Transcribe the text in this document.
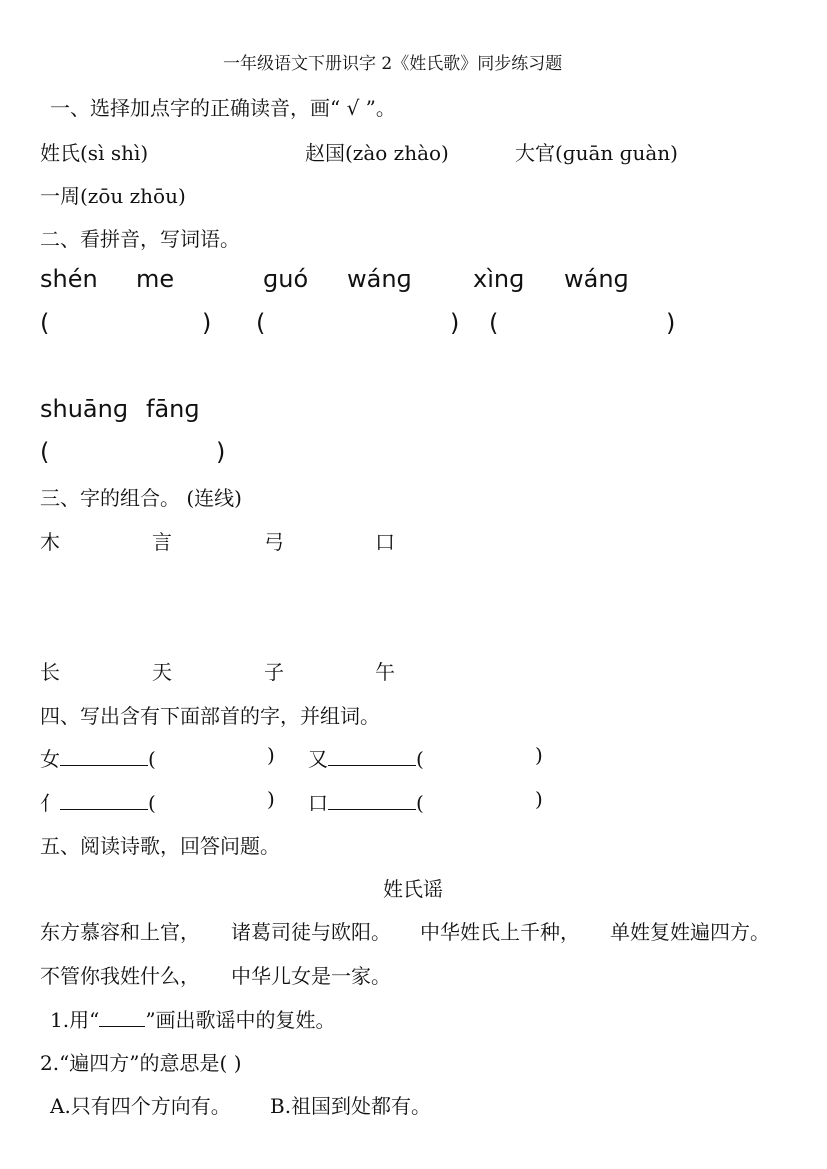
一年级语文下册识字 2《姓氏歌》同步练习题
一、选择加点字的正确读音，画“ √ ”。
姓氏(sì shì)	赵国(zào zhào)	大官(ɡuān ɡuàn)
一周(zōu zhōu)
二、看拼音，写词语。
shén me	ɡuó wánɡ	xìnɡ wánɡ
(	) (	) (	)
shuānɡ fānɡ
(	)
三、字的组合。 (连线)
木	言	弓	口
长	天	子	午
四、写出含有下面部首的字，并组词。
女	(	) 又	(	)
亻	(	) 口	(	)
五、阅读诗歌，回答问题。
姓氏谣
东方慕容和上官， 诸葛司徒与欧阳。 中华姓氏上千种， 单姓复姓遍四方。
不管你我姓什么， 中华儿女是一家。
1.用“ ”画出歌谣中的复姓。
2.“遍四方”的意思是( )
A.只有四个方向有。 B.祖国到处都有。
